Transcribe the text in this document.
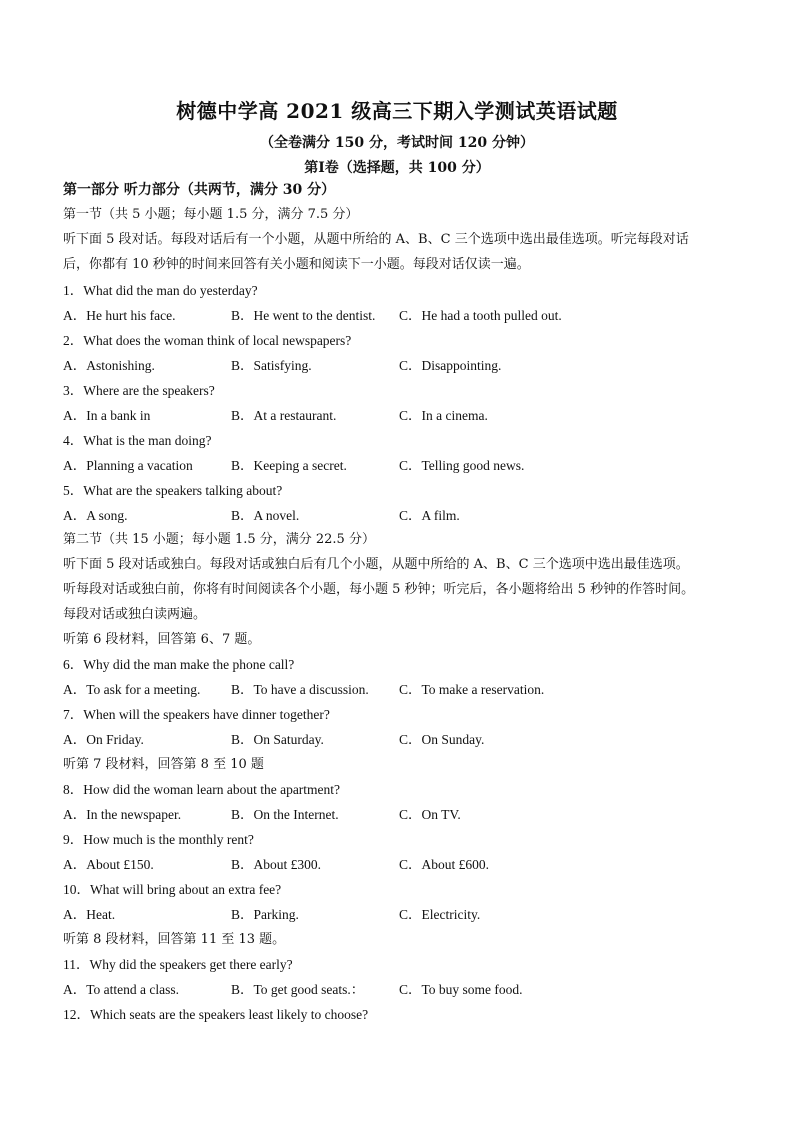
树德中学高 2021 级高三下期入学测试英语试题
（全卷满分 150 分，考试时间 120 分钟）
第Ⅰ卷（选择题，共 100 分）
第一部分 听力部分（共两节，满分 30 分）
第一节（共 5 小题；每小题 1.5 分，满分 7.5 分）
听下面 5 段对话。每段对话后有一个小题，从题中所给的 A、B、C 三个选项中选出最佳选项。听完每段对话
后，你都有 10 秒钟的时间来回答有关小题和阅读下一小题。每段对话仅读一遍。
1．What did the man do yesterday?
A．He hurt his face.	B．He went to the dentist. C．He had a tooth pulled out.
2．What does the woman think of local newspapers?
A．Astonishing.	B．Satisfying.	C．Disappointing.
3．Where are the speakers?
A．In a bank in	B．At a restaurant.	C．In a cinema.
4．What is the man doing?
A．Planning a vacation	B．Keeping a secret.	C．Telling good news.
5．What are the speakers talking about?
A．A song.	B．A novel.	C．A film.
第二节（共 15 小题；每小题 1.5 分，满分 22.5 分）
听下面 5 段对话或独白。每段对话或独白后有几个小题，从题中所给的 A、B、C 三个选项中选出最佳选项。
听每段对话或独白前，你将有时间阅读各个小题，每小题 5 秒钟；听完后，各小题将给出 5 秒钟的作答时间。
每段对话或独白读两遍。
听第 6 段材料，回答第 6、7 题。
6．Why did the man make the phone call?
A．To ask for a meeting. B．To have a discussion. C．To make a reservation.
7．When will the speakers have dinner together?
A．On Friday.	B．On Saturday.	C．On Sunday.
听第 7 段材料，回答第 8 至 10 题
8．How did the woman learn about the apartment?
A．In the newspaper.	B．On the Internet.	C．On TV.
9．How much is the monthly rent?
A．About £150.	B．About £300.	C．About £600.
10．What will bring about an extra fee?
A．Heat.	B．Parking.	C．Electricity.
听第 8 段材料，回答第 11 至 13 题。
11．Why did the speakers get there early?
A．To attend a class.	B．To get good seats.：	C．To buy some food.
12．Which seats are the speakers least likely to choose?
